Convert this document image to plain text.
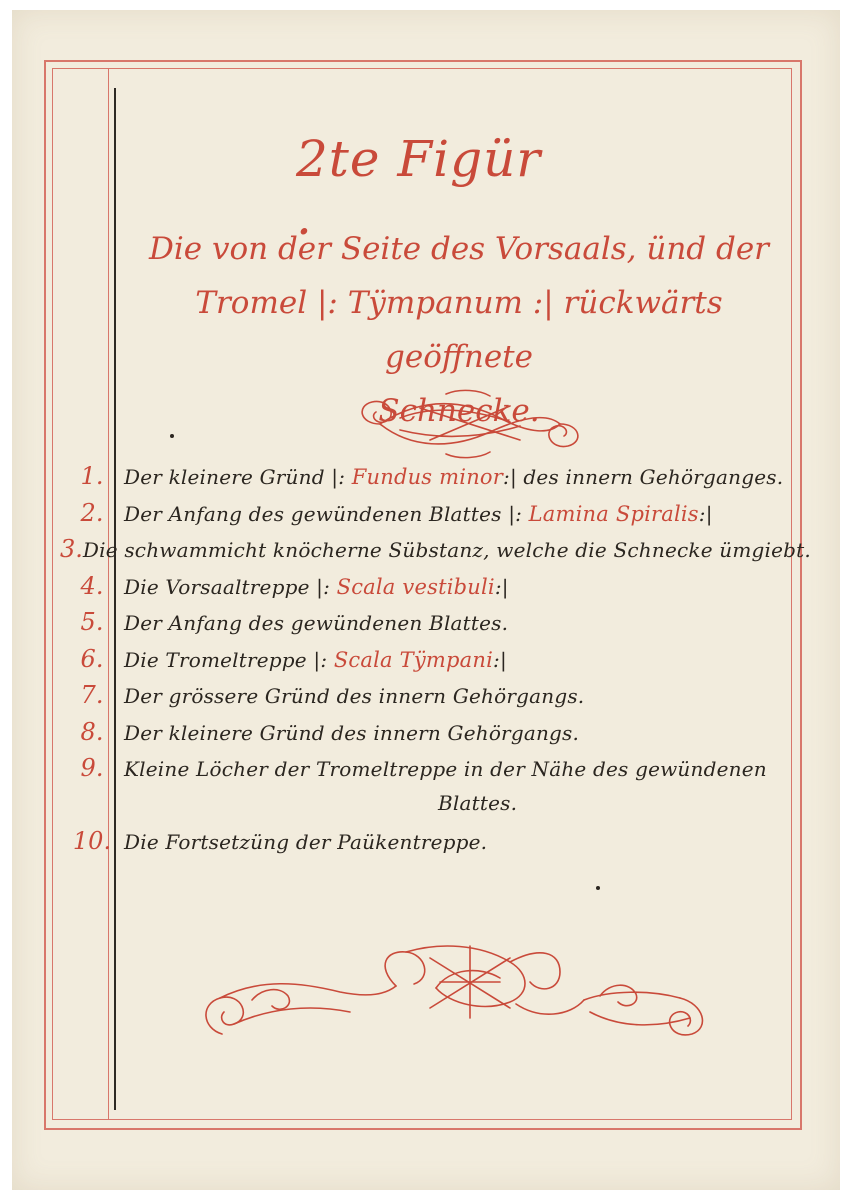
2te Figür .
Die von der Seite des Vorsaals, ünd der
Tromel |: Tÿmpanum :| rückwärts geöffnete
Schnecke.
1.	Der kleinere Gründ |: Fundus minor:| des innern Gehörganges.
2.	Der Anfang des gewündenen Blattes |: Lamina Spiralis:|
3. Die schwammicht knöcherne Sübstanz, welche die Schnecke ümgiebt.
4.	Die Vorsaaltreppe |: Scala vestibuli:|
5.	Der Anfang des gewündenen Blattes.
6.	Die Tromeltreppe |: Scala Tÿmpani:|
7.	Der grössere Gründ des innern Gehörgangs.
8.	Der kleinere Gründ des innern Gehörgangs.
9.	Kleine Löcher der Tromeltreppe in der Nähe des gewündenen
Blattes.
10. Die Fortsetzüng der Paükentreppe.
